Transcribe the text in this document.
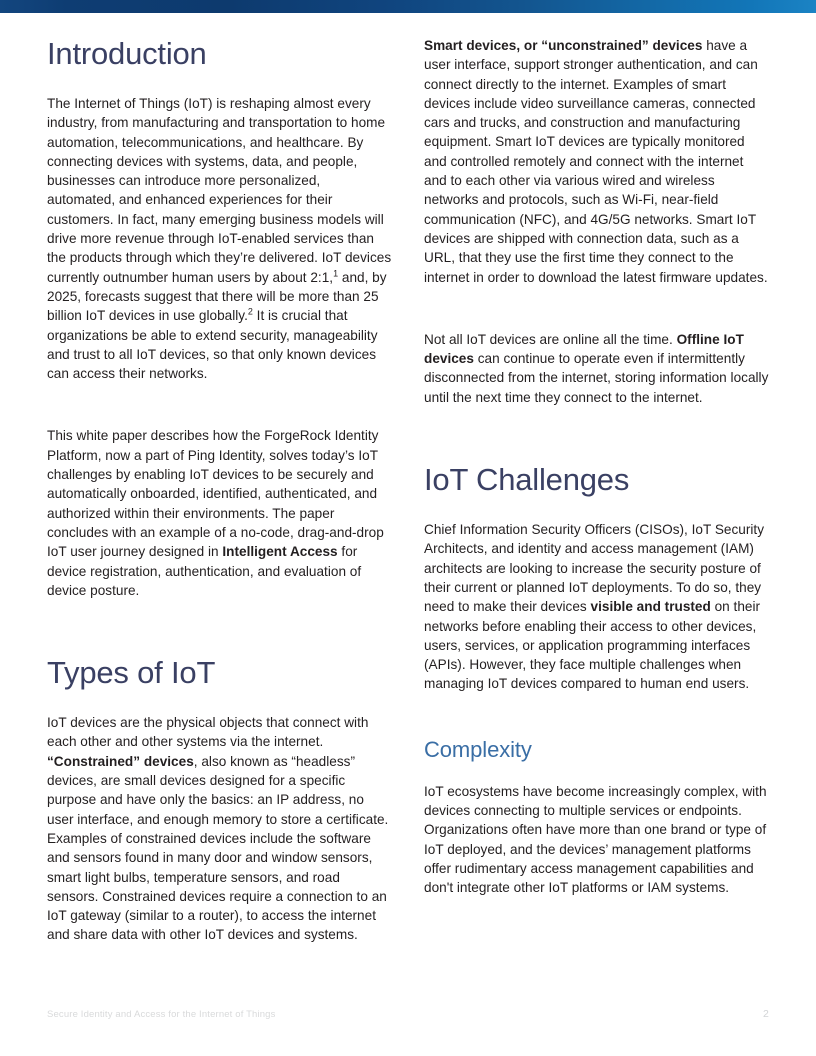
Introduction

The Internet of Things (IoT) is reshaping almost every industry, from manufacturing and transportation to home automation, telecommunications, and healthcare. By connecting devices with systems, data, and people, businesses can introduce more personalized, automated, and enhanced experiences for their customers. In fact, many emerging business models will drive more revenue through IoT-enabled services than the products through which they’re delivered. IoT devices currently outnumber human users by about 2:1,$^1$ and, by 2025, forecasts suggest that there will be more than 25 billion IoT devices in use globally.$^2$ It is crucial that organizations be able to extend security, manageability and trust to all IoT devices, so that only known devices can access their networks.

This white paper describes how the ForgeRock Identity Platform, now a part of Ping Identity, solves today’s IoT challenges by enabling IoT devices to be securely and automatically onboarded, identified, authenticated, and authorized within their environments. The paper concludes with an example of a no-code, drag-and-drop IoT user journey designed in Intelligent Access for device registration, authentication, and evaluation of device posture.

Types of IoT

IoT devices are the physical objects that connect with each other and other systems via the internet. “Constrained” devices, also known as “headless” devices, are small devices designed for a specific purpose and have only the basics: an IP address, no user interface, and enough memory to store a certificate. Examples of constrained devices include the software and sensors found in many door and window sensors, smart light bulbs, temperature sensors, and road sensors. Constrained devices require a connection to an IoT gateway (similar to a router), to access the internet and share data with other IoT devices and systems.

Smart devices, or “unconstrained” devices have a user interface, support stronger authentication, and can connect directly to the internet. Examples of smart devices include video surveillance cameras, connected cars and trucks, and construction and manufacturing equipment. Smart IoT devices are typically monitored and controlled remotely and connect with the internet and to each other via various wired and wireless networks and protocols, such as Wi-Fi, near-field communication (NFC), and 4G/5G networks. Smart IoT devices are shipped with connection data, such as a URL, that they use the first time they connect to the internet in order to download the latest firmware updates.

Not all IoT devices are online all the time. Offline IoT devices can continue to operate even if intermittently disconnected from the internet, storing information locally until the next time they connect to the internet.

IoT Challenges

Chief Information Security Officers (CISOs), IoT Security Architects, and identity and access management (IAM) architects are looking to increase the security posture of their current or planned IoT deployments. To do so, they need to make their devices visible and trusted on their networks before enabling their access to other devices, users, services, or application programming interfaces (APIs). However, they face multiple challenges when managing IoT devices compared to human end users.

Complexity

IoT ecosystems have become increasingly complex, with devices connecting to multiple services or endpoints. Organizations often have more than one brand or type of IoT deployed, and the devices’ management platforms offer rudimentary access management capabilities and don't integrate other IoT platforms or IAM systems.

Secure Identity and Access for the Internet of Things	2
